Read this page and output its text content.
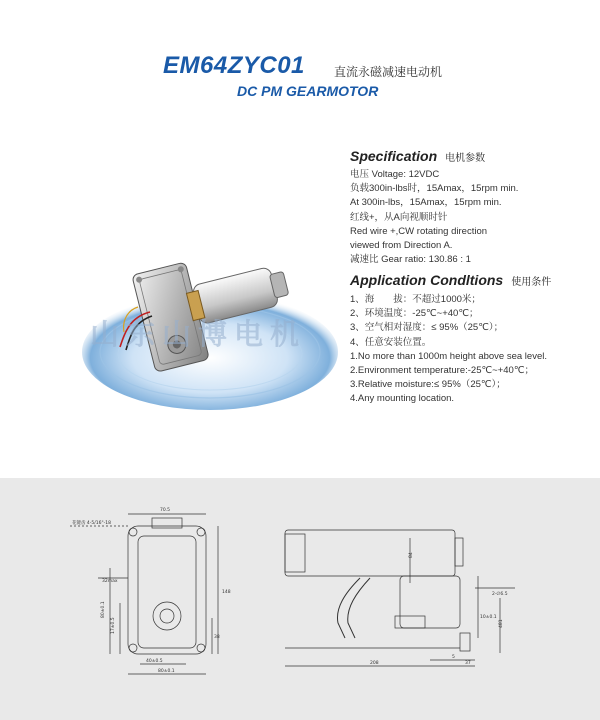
EM64ZYC01 直流永磁减速电动机
DC PM GEARMOTOR
山东山博电机
Specification 电机参数
电压 Voltage: 12VDC
负载300in-lbs时，15Amax，15rpm min.
At 300in-lbs，15Amax，15rpm min.
红线+，从A向视顺时针
Red wire +,CW rotating direction
viewed from Direction A.
减速比 Gear ratio: 130.86 : 1
Application Condltions 使用条件
1、海　　拔：不超过1000米；
2、环境温度：-25℃~+40℃；
3、空气相对湿度：≤ 95%（25℃）；
4、任意安装位置。
1.No more than 1000m height above sea level.
2.Environment temperature:-25℃~+40℃；
3.Relative moisture:≤ 95%（25℃）；
4.Any mounting location.
70.5
148
32max
80±0.1
17±0.5
40±0.5
80±0.1
38
花键齿 4-5/16"-18
84
2-∅6.5
10±0.1
208	37
5
481
